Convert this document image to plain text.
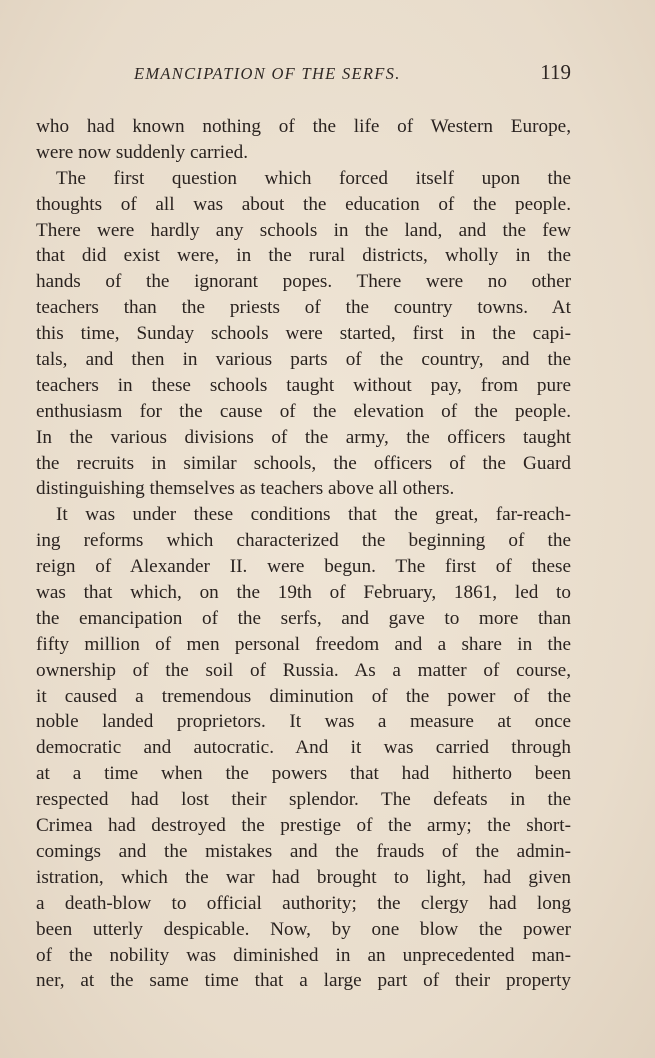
EMANCIPATION OF THE SERFS.	119
who had known nothing of the life of Western Europe,
were now suddenly carried.
The first question which forced itself upon the
thoughts of all was about the education of the people.
There were hardly any schools in the land, and the few
that did exist were, in the rural districts, wholly in the
hands of the ignorant popes. There were no other
teachers than the priests of the country towns. At
this time, Sunday schools were started, first in the capi-
tals, and then in various parts of the country, and the
teachers in these schools taught without pay, from pure
enthusiasm for the cause of the elevation of the people.
In the various divisions of the army, the officers taught
the recruits in similar schools, the officers of the Guard
distinguishing themselves as teachers above all others.
It was under these conditions that the great, far-reach-
ing reforms which characterized the beginning of the
reign of Alexander II. were begun. The first of these
was that which, on the 19th of February, 1861, led to
the emancipation of the serfs, and gave to more than
fifty million of men personal freedom and a share in the
ownership of the soil of Russia. As a matter of course,
it caused a tremendous diminution of the power of the
noble landed proprietors. It was a measure at once
democratic and autocratic. And it was carried through
at a time when the powers that had hitherto been
respected had lost their splendor. The defeats in the
Crimea had destroyed the prestige of the army; the short-
comings and the mistakes and the frauds of the admin-
istration, which the war had brought to light, had given
a death-blow to official authority; the clergy had long
been utterly despicable. Now, by one blow the power
of the nobility was diminished in an unprecedented man-
ner, at the same time that a large part of their property
